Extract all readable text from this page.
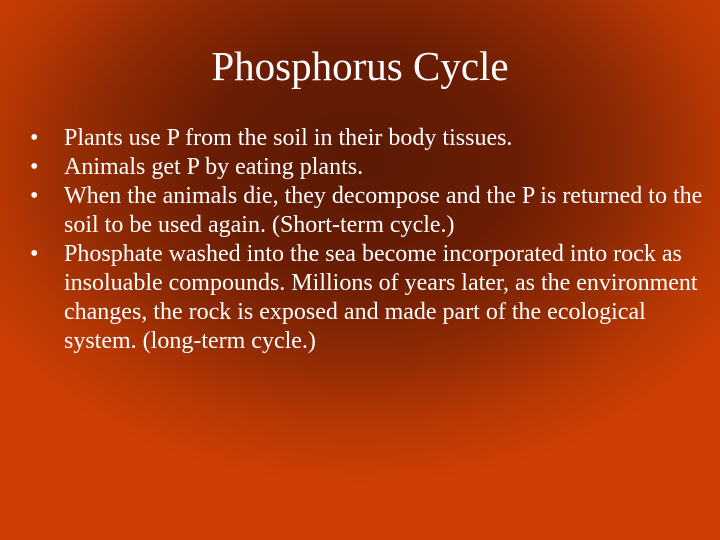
Phosphorus Cycle
•	Plants use P from the soil in their body tissues.
•	Animals get P by eating plants.
•	When the animals die, they decompose and the P is returned to the soil to be used again. (Short-term cycle.)
•	Phosphate washed into the sea become incorporated into rock as insoluable compounds. Millions of years later, as the environment changes, the rock is exposed and made part of the ecological system. (long-term cycle.)
